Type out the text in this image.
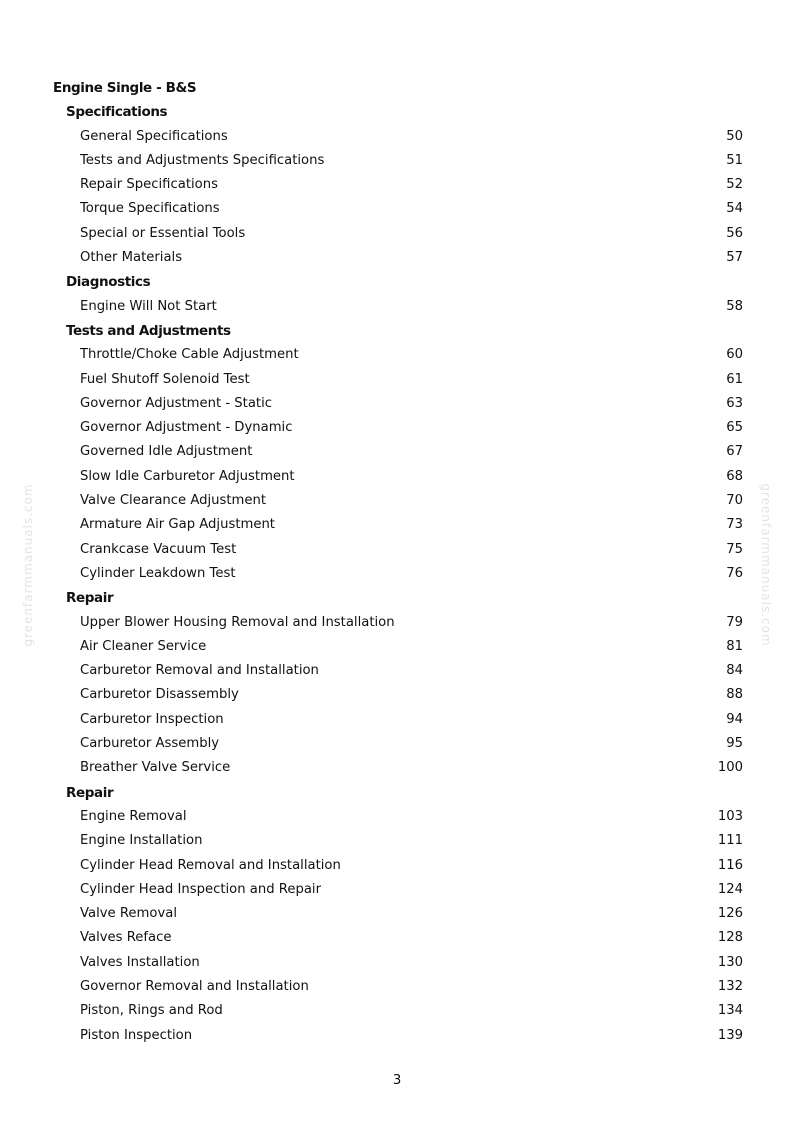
greenfarmmanuals.com	greenfarmmanuals.com
Engine Single - B&S
Specifications
General Specifications	50
Tests and Adjustments Specifications	51
Repair Specifications	52
Torque Specifications	54
Special or Essential Tools	56
Other Materials	57
Diagnostics
Engine Will Not Start	58
Tests and Adjustments
Throttle/Choke Cable Adjustment	60
Fuel Shutoff Solenoid Test	61
Governor Adjustment - Static	63
Governor Adjustment - Dynamic	65
Governed Idle Adjustment	67
Slow Idle Carburetor Adjustment	68
Valve Clearance Adjustment	70
Armature Air Gap Adjustment	73
Crankcase Vacuum Test	75
Cylinder Leakdown Test	76
Repair
Upper Blower Housing Removal and Installation	79
Air Cleaner Service	81
Carburetor Removal and Installation	84
Carburetor Disassembly	88
Carburetor Inspection	94
Carburetor Assembly	95
Breather Valve Service	100
Repair
Engine Removal	103
Engine Installation	111
Cylinder Head Removal and Installation	116
Cylinder Head Inspection and Repair	124
Valve Removal	126
Valves Reface	128
Valves Installation	130
Governor Removal and Installation	132
Piston, Rings and Rod	134
Piston Inspection	139
3
